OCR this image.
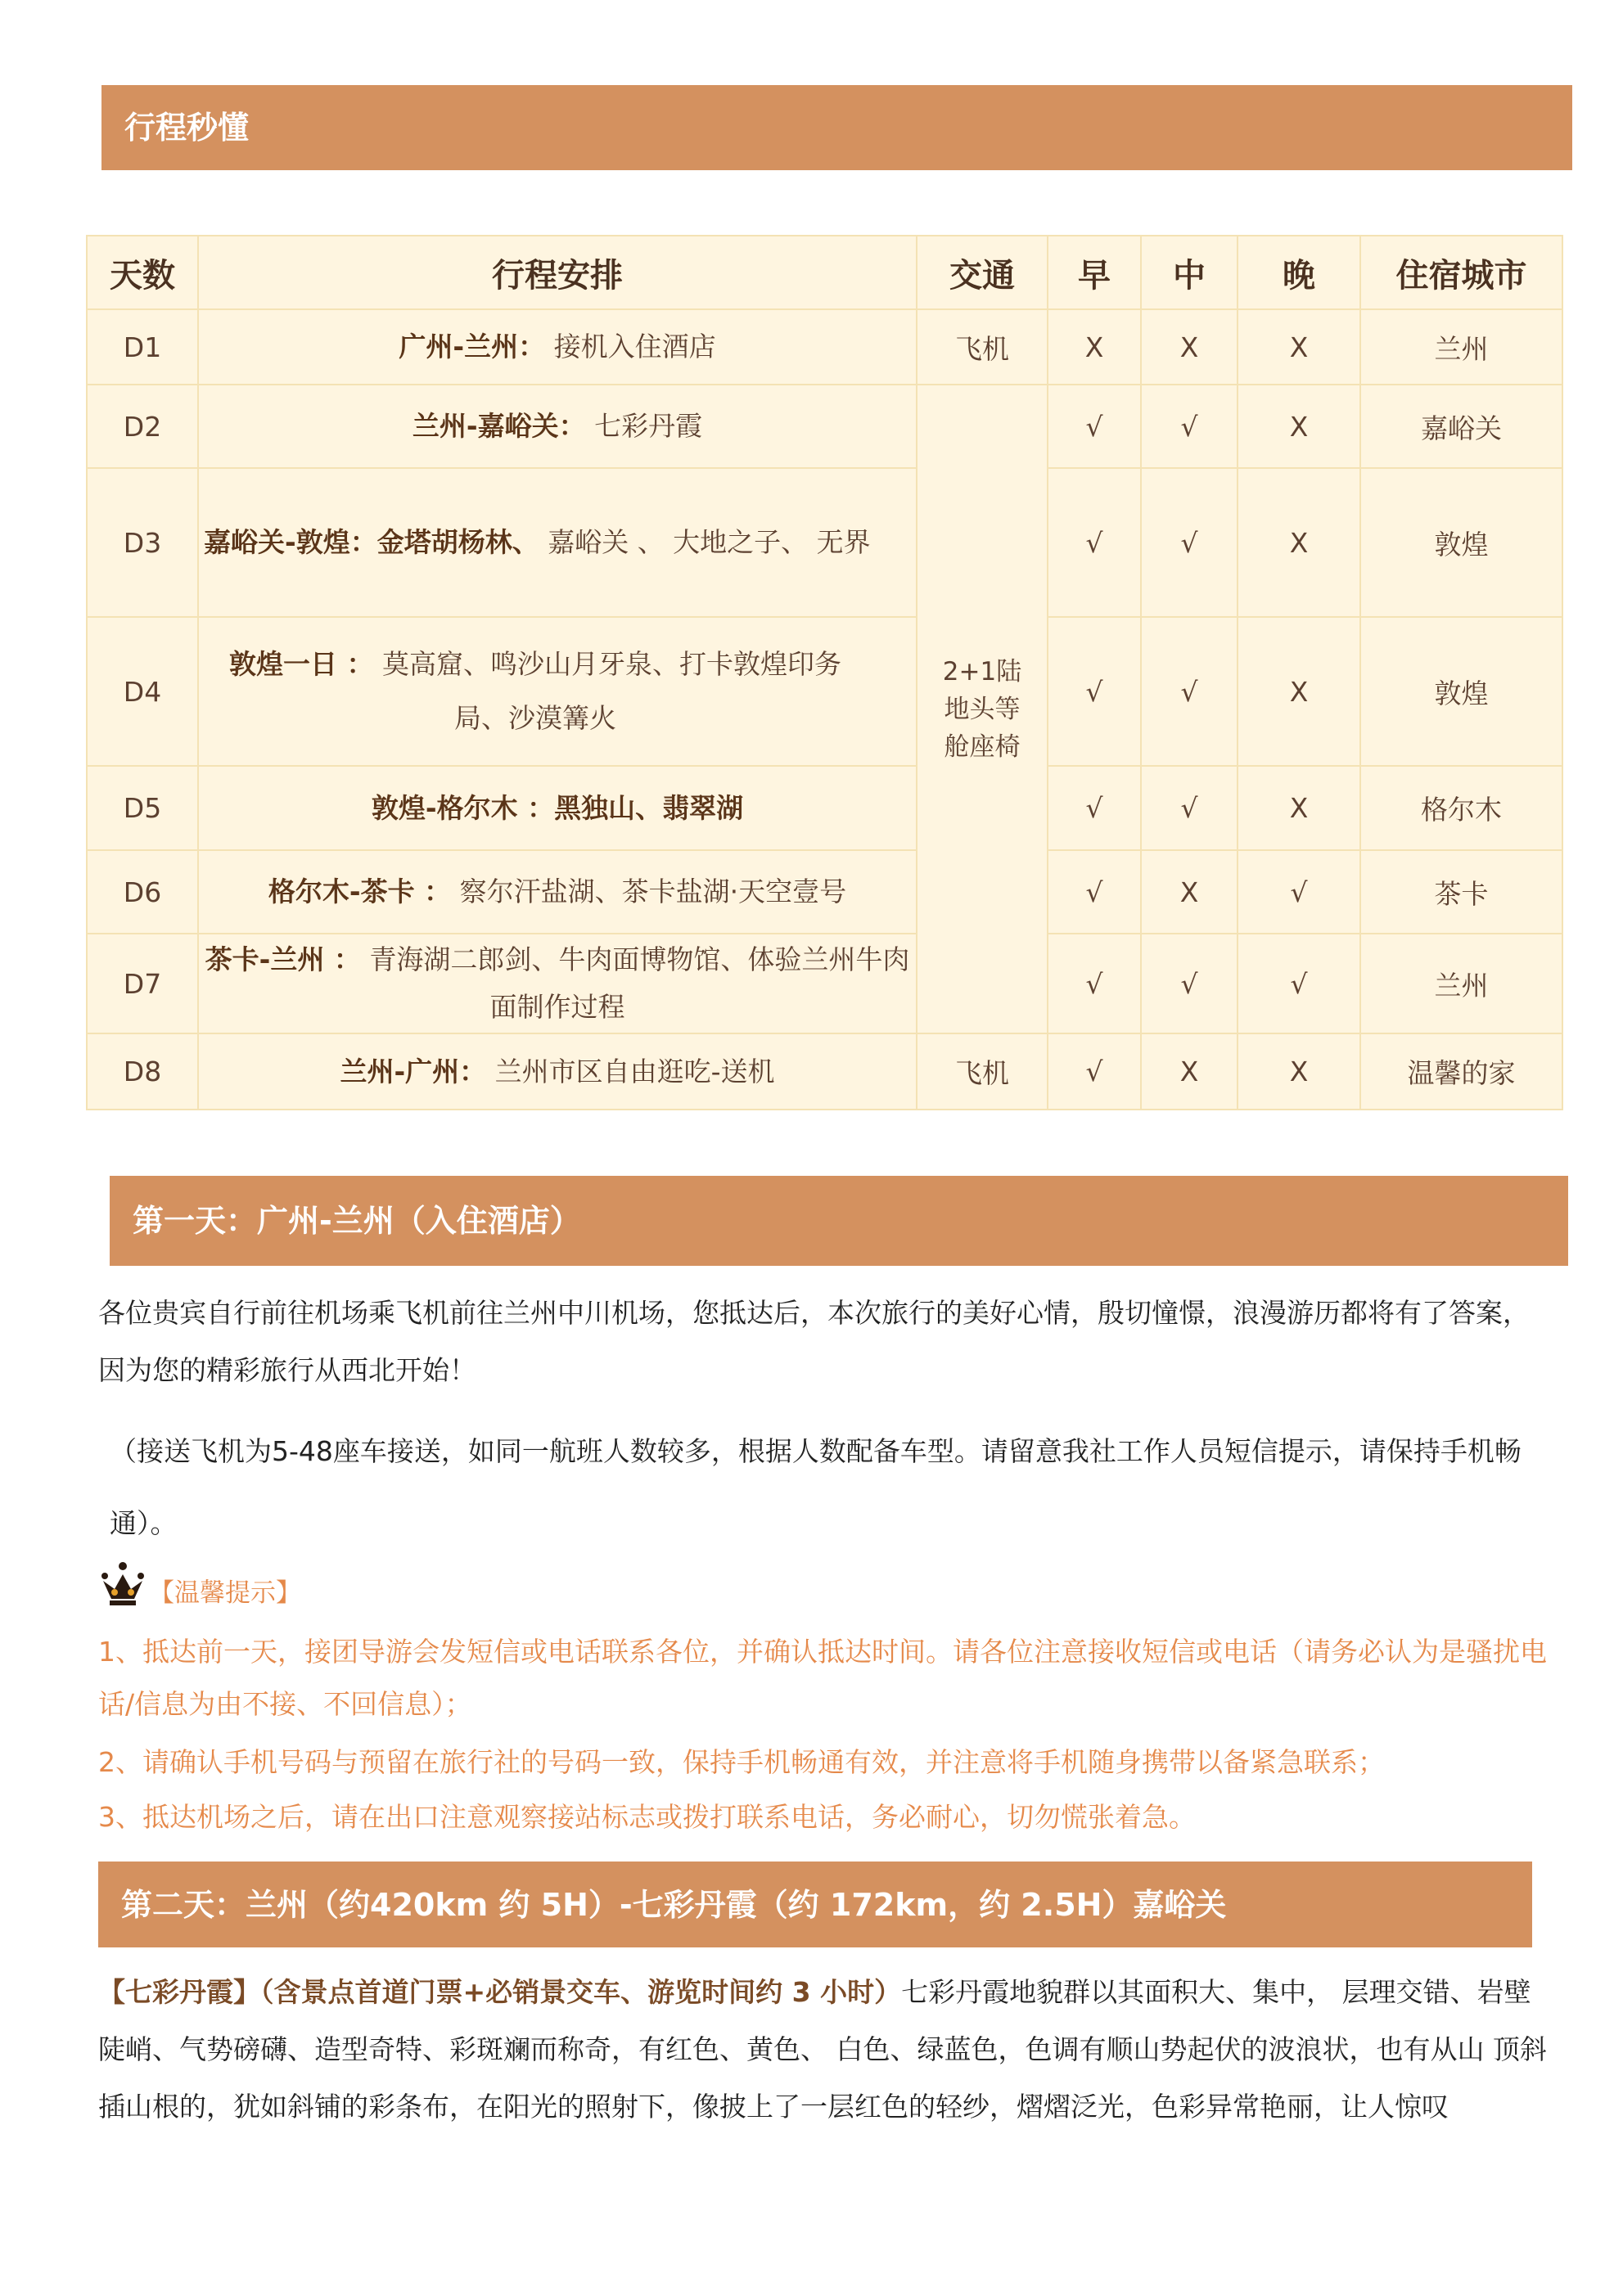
行程秒懂
天数	行程安排	交通	早	中	晚	住宿城市
D1	广州-兰州： 接机入住酒店	飞机	X	X	X	兰州
D2	兰州-嘉峪关： 七彩丹霞	2+1陆地头等舱座椅	√	√	X	嘉峪关
D3	嘉峪关-敦煌：金塔胡杨林、 嘉峪关 、 大地之子、 无界		√	√	X	敦煌
D4	敦煌一日 ： 莫高窟、鸣沙山月牙泉、打卡敦煌印务局、沙漠篝火		√	√	X	敦煌
D5	敦煌-格尔木 ：黑独山、翡翠湖		√	√	X	格尔木
D6	格尔木-茶卡 ： 察尔汗盐湖、茶卡盐湖·天空壹号		√	X	√	茶卡
D7	茶卡-兰州 ： 青海湖二郎剑、牛肉面博物馆、体验兰州牛肉面制作过程		√	√	√	兰州
D8	兰州-广州： 兰州市区自由逛吃-送机	飞机	√	X	X	温馨的家
第一天：广州-兰州（入住酒店）

各位贵宾自行前往机场乘飞机前往兰州中川机场，您抵达后，本次旅行的美好心情，殷切憧憬，浪漫游历都将有了答案，因为您的精彩旅行从西北开始！

（接送飞机为5-48座车接送，如同一航班人数较多，根据人数配备车型。请留意我社工作人员短信提示，请保持手机畅通）。

【温馨提示】

1、抵达前一天，接团导游会发短信或电话联系各位，并确认抵达时间。请各位注意接收短信或电话（请务必认为是骚扰电话/信息为由不接、不回信息）；

2、请确认手机号码与预留在旅行社的号码一致，保持手机畅通有效，并注意将手机随身携带以备紧急联系；

3、抵达机场之后，请在出口注意观察接站标志或拨打联系电话，务必耐心，切勿慌张着急。

第二天：兰州（约420km 约 5H）-七彩丹霞（约 172km，约 2.5H）嘉峪关

【七彩丹霞】（含景点首道门票+必销景交车、游览时间约 3 小时）七彩丹霞地貌群以其面积大、集中， 层理交错、岩壁陡峭、气势磅礴、造型奇特、彩斑斓而称奇，有红色、黄色、 白色、绿蓝色，色调有顺山势起伏的波浪状，也有从山 顶斜插山根的，犹如斜铺的彩条布，在阳光的照射下，像披上了一层红色的轻纱，熠熠泛光，色彩异常艳丽，让人惊叹
